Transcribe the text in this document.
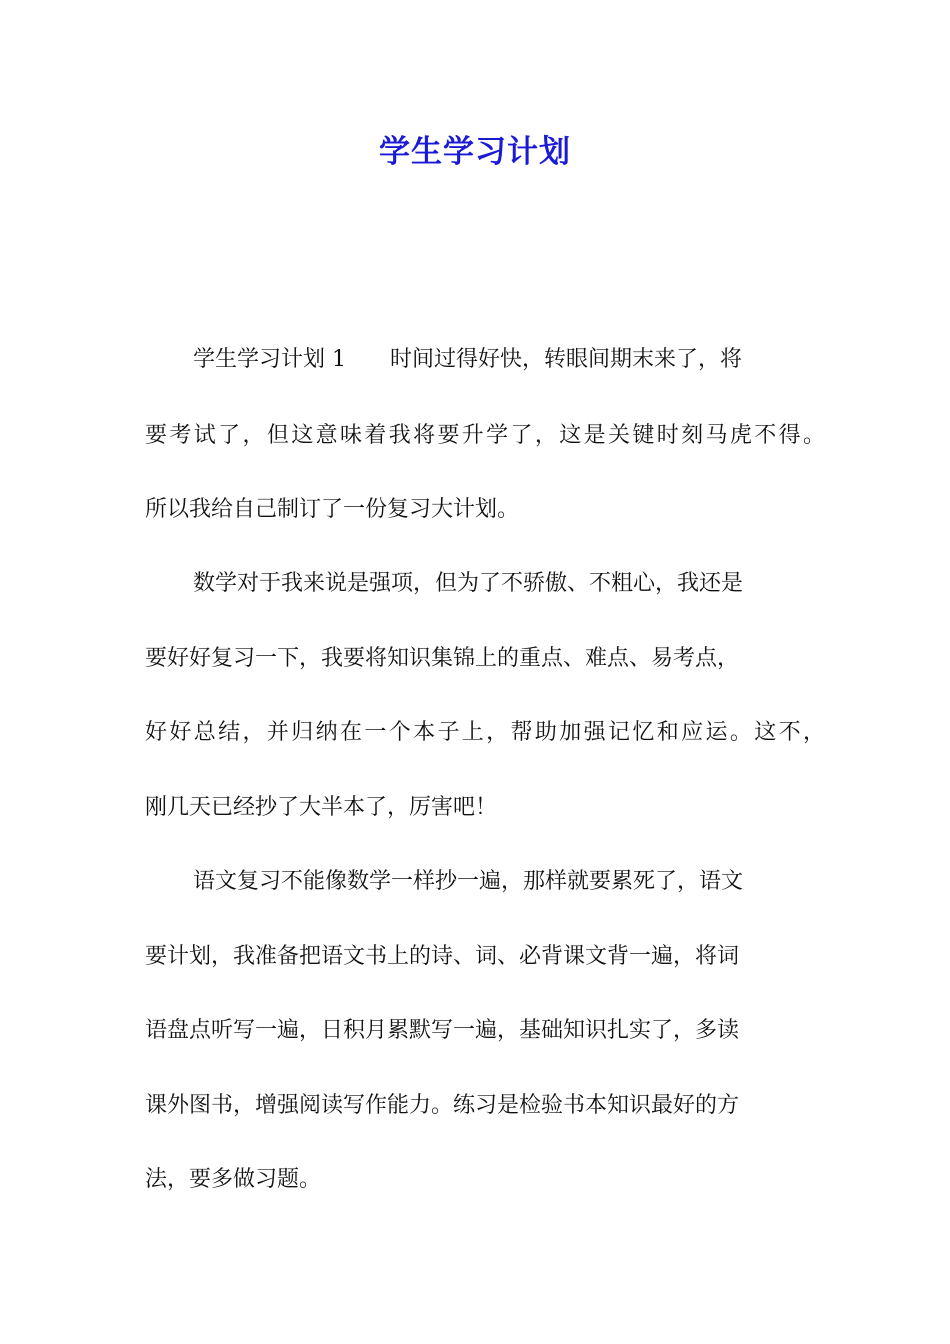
学生学习计划

学生学习计划 1 时间过得好快，转眼间期末来了，将

要考试了，但这意味着我将要升学了，这是关键时刻马虎不得。

所以我给自己制订了一份复习大计划。

数学对于我来说是强项，但为了不骄傲、不粗心，我还是

要好好复习一下，我要将知识集锦上的重点、难点、易考点，

好好总结，并归纳在一个本子上，帮助加强记忆和应运。这不，

刚几天已经抄了大半本了，厉害吧！

语文复习不能像数学一样抄一遍，那样就要累死了，语文

要计划，我准备把语文书上的诗、词、必背课文背一遍，将词

语盘点听写一遍，日积月累默写一遍，基础知识扎实了，多读

课外图书，增强阅读写作能力。练习是检验书本知识最好的方

法，要多做习题。
